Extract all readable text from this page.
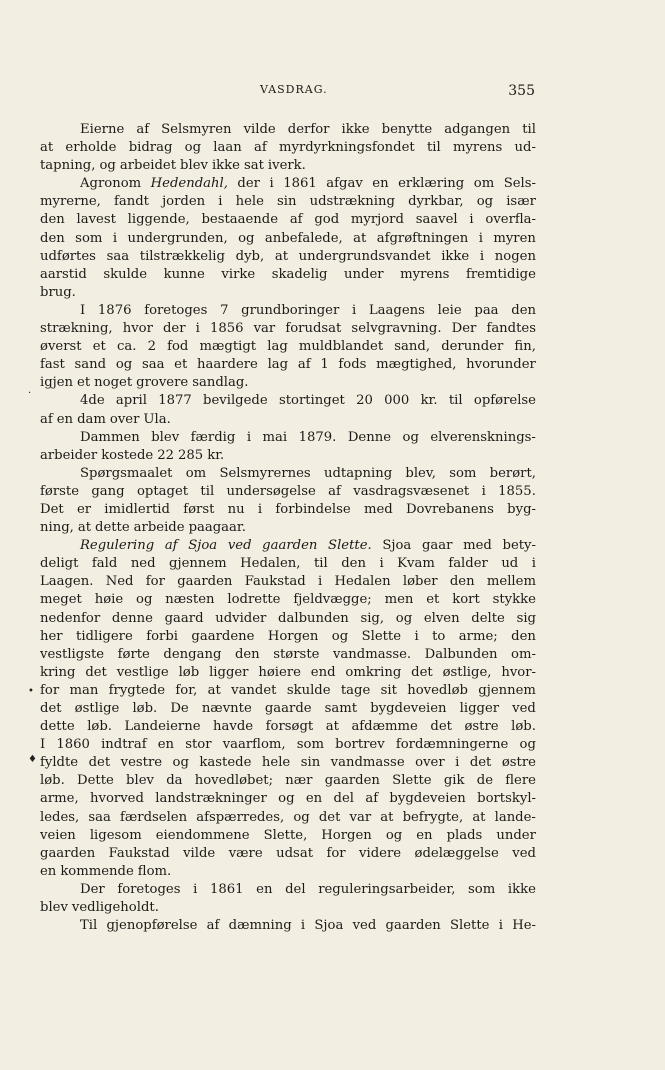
VASDRAG.	355
Eierne af Selsmyren vilde derfor ikke benytte adgangen til
at erholde bidrag og laan af myrdyrkningsfondet til myrens ud-
tapning, og arbeidet blev ikke sat iverk.
Agronom Hedendahl, der i 1861 afgav en erklæring om Sels-
myrerne, fandt jorden i hele sin udstrækning dyrkbar, og især
den lavest liggende, bestaaende af god myrjord saavel i overfla-
den som i undergrunden, og anbefalede, at afgrøftningen i myren
udførtes saa tilstrækkelig dyb, at undergrundsvandet ikke i nogen
aarstid skulde kunne virke skadelig under myrens fremtidige
brug.
I 1876 foretoges 7 grundboringer i Laagens leie paa den
strækning, hvor der i 1856 var forudsat selvgravning. Der fandtes
øverst et ca. 2 fod mægtigt lag muldblandet sand, derunder fin,
fast sand og saa et haardere lag af 1 fods mægtighed, hvorunder
igjen et noget grovere sandlag.
4de april 1877 bevilgede stortinget 20 000 kr. til opførelse
af en dam over Ula.
Dammen blev færdig i mai 1879. Denne og elverensknings-
arbeider kostede 22 285 kr.
Spørgsmaalet om Selsmyrernes udtapning blev, som berørt,
første gang optaget til undersøgelse af vasdragsvæsenet i 1855.
Det er imidlertid først nu i forbindelse med Dovrebanens byg-
ning, at dette arbeide paagaar.
Regulering af Sjoa ved gaarden Slette. Sjoa gaar med bety-
deligt fald ned gjennem Hedalen, til den i Kvam falder ud i
Laagen. Ned for gaarden Faukstad i Hedalen løber den mellem
meget høie og næsten lodrette fjeldvægge; men et kort stykke
nedenfor denne gaard udvider dalbunden sig, og elven delte sig
her tidligere forbi gaardene Horgen og Slette i to arme; den
vestligste førte dengang den største vandmasse. Dalbunden om-
kring det vestlige løb ligger høiere end omkring det østlige, hvor-
for man frygtede for, at vandet skulde tage sit hovedløb gjennem
det østlige løb. De nævnte gaarde samt bygdeveien ligger ved
dette løb. Landeierne havde forsøgt at afdæmme det østre løb.
I 1860 indtraf en stor vaarflom, som bortrev fordæmningerne og
fyldte det vestre og kastede hele sin vandmasse over i det østre
løb. Dette blev da hovedløbet; nær gaarden Slette gik de flere
arme, hvorved landstrækninger og en del af bygdeveien bortskyl-
ledes, saa færdselen afspærredes, og det var at befrygte, at lande-
veien ligesom eiendommene Slette, Horgen og en plads under
gaarden Faukstad vilde være udsat for videre ødelæggelse ved
en kommende flom.
Der foretoges i 1861 en del reguleringsarbeider, som ikke
blev vedligeholdt.
Til gjenopførelse af dæmning i Sjoa ved gaarden Slette i He-
·
•
♦
